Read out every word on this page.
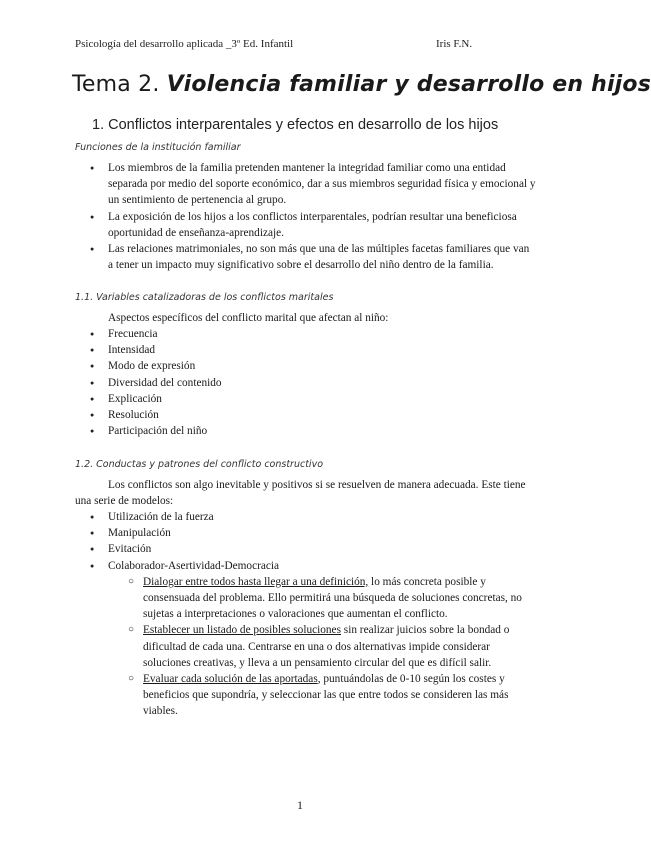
Psicología del desarrollo aplicada _3º Ed. Infantil	Iris F.N.
Tema 2. Violencia familiar y desarrollo en hijos
1. Conflictos interparentales y efectos en desarrollo de los hijos
Funciones de la institución familiar
● Los miembros de la familia pretenden mantener la integridad familiar como una entidad separada por medio del soporte económico, dar a sus miembros seguridad física y emocional y un sentimiento de pertenencia al grupo.
● La exposición de los hijos a los conflictos interparentales, podrían resultar una beneficiosa oportunidad de enseñanza-aprendizaje.
● Las relaciones matrimoniales, no son más que una de las múltiples facetas familiares que van a tener un impacto muy significativo sobre el desarrollo del niño dentro de la familia.
1.1. Variables catalizadoras de los conflictos maritales
Aspectos específicos del conflicto marital que afectan al niño:
● Frecuencia
● Intensidad
● Modo de expresión
● Diversidad del contenido
● Explicación
● Resolución
● Participación del niño
1.2. Conductas y patrones del conflicto constructivo
Los conflictos son algo inevitable y positivos si se resuelven de manera adecuada. Este tiene una serie de modelos:
● Utilización de la fuerza
● Manipulación
● Evitación
● Colaborador-Asertividad-Democracia
○ Dialogar entre todos hasta llegar a una definición, lo más concreta posible y consensuada del problema. Ello permitirá una búsqueda de soluciones concretas, no sujetas a interpretaciones o valoraciones que aumentan el conflicto.
○ Establecer un listado de posibles soluciones sin realizar juicios sobre la bondad o dificultad de cada una. Centrarse en una o dos alternativas impide considerar soluciones creativas, y lleva a un pensamiento circular del que es difícil salir.
○ Evaluar cada solución de las aportadas, puntuándolas de 0-10 según los costes y beneficios que supondría, y seleccionar las que entre todos se consideren las más viables.
1
